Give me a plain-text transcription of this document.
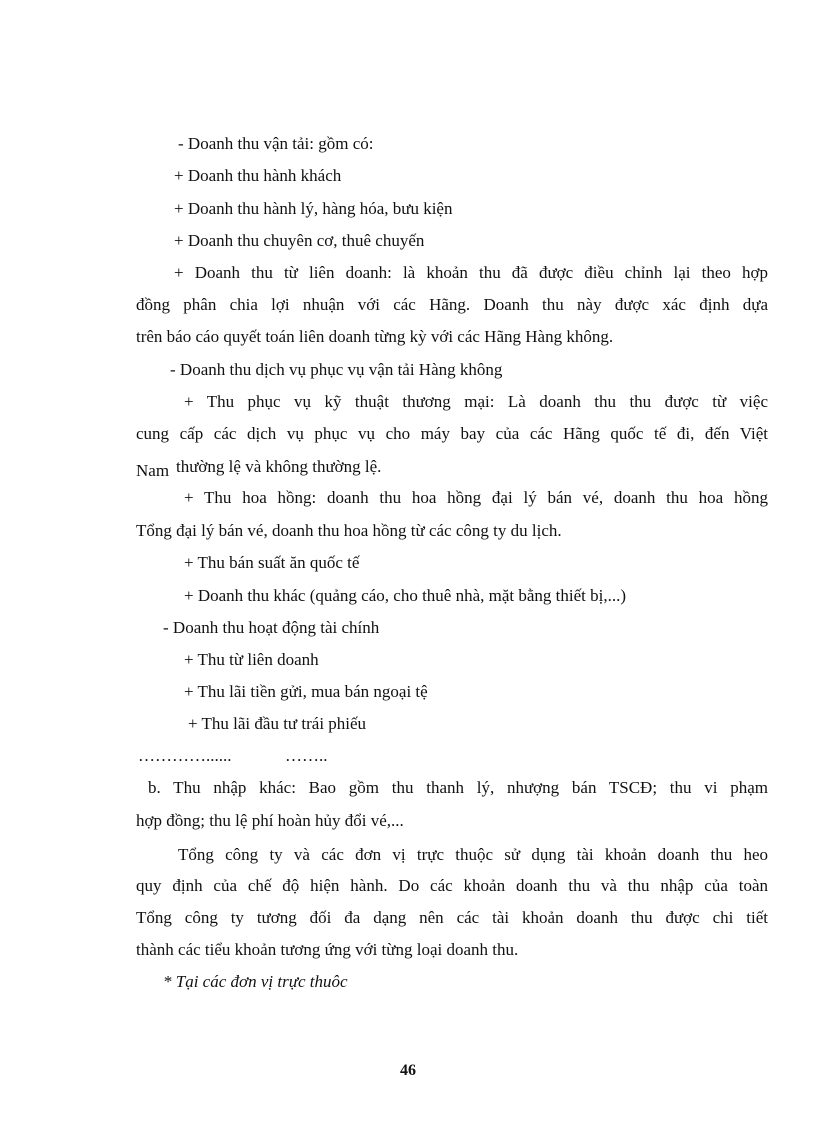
- Doanh thu vận tải: gồm có:
+ Doanh thu hành khách
+ Doanh thu hành lý, hàng hóa, bưu kiện
+ Doanh thu chuyên cơ, thuê chuyến
+ Doanh thu từ liên doanh: là khoản thu đã được điều chỉnh lại theo hợp
đồng phân chia lợi nhuận với các Hãng. Doanh thu này được xác định dựa
trên báo cáo quyết toán liên doanh từng kỳ với các Hãng Hàng không.
- Doanh thu dịch vụ phục vụ vận tải Hàng không
+ Thu phục vụ kỹ thuật thương mại: Là doanh thu thu được từ việc
cung cấp các dịch vụ phục vụ cho máy bay của các Hãng quốc tế đi, đến Việt
Nam thường lệ và không thường lệ.
+ Thu hoa hồng: doanh thu hoa hồng đại lý bán vé, doanh thu hoa hồng
Tổng đại lý bán vé, doanh thu hoa hồng từ các công ty du lịch.
+ Thu bán suất ăn quốc tế
+ Doanh thu khác (quảng cáo, cho thuê nhà, mặt bằng thiết bị,...)
- Doanh thu hoạt động tài chính
+ Thu từ liên doanh
+ Thu lãi tiền gửi, mua bán ngoại tệ
+ Thu lãi đầu tư trái phiếu
…………......	……..
b. Thu nhập khác: Bao gồm thu thanh lý, nhượng bán TSCĐ; thu vi phạm
hợp đồng; thu lệ phí hoàn hủy đổi vé,...
Tổng công ty và các đơn vị trực thuộc sử dụng tài khoản doanh thu heo
quy định của chế độ hiện hành. Do các khoản doanh thu và thu nhập của toàn
Tổng công ty tương đối đa dạng nên các tài khoản doanh thu được chi tiết
thành các tiểu khoản tương ứng với từng loại doanh thu.
* Tại các đơn vị trực thuôc
46
